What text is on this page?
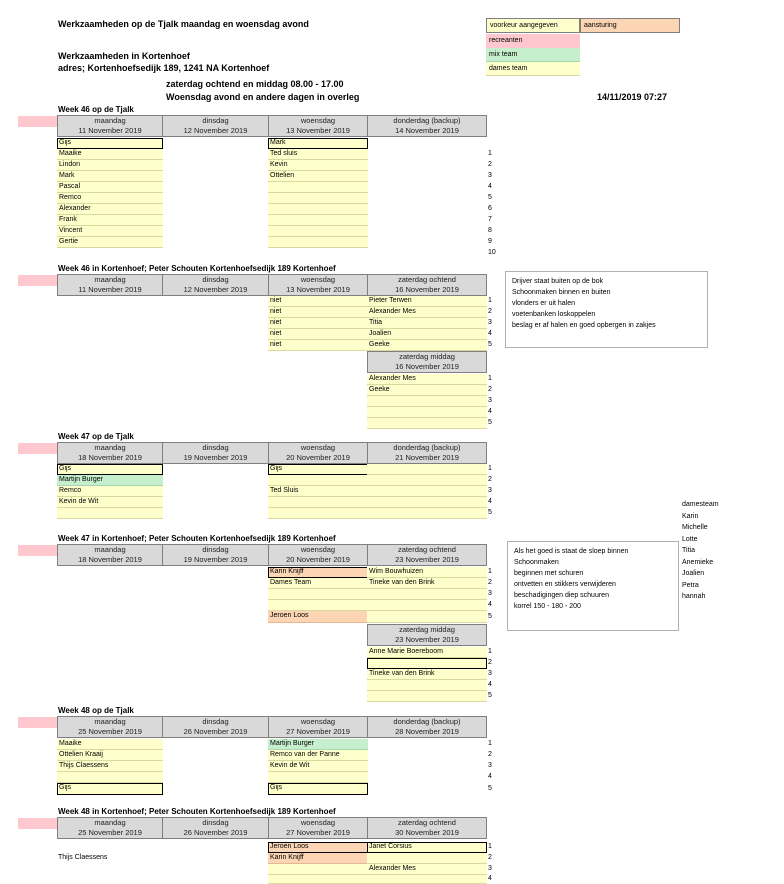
Werkzaamheden op de Tjalk maandag en woensdag avond
Werkzaamheden in Kortenhoef
adres; Kortenhoefsedijk 189, 1241 NA Kortenhoef
zaterdag ochtend en middag 08.00 - 17.00
Woensdag avond en andere dagen in overleg	14/11/2019 07:27
voorkeur aangegeven	aansturing
recreanten
mix team
dames team
Week 46 op de Tjalk
maandag
11 November 2019
dinsdag
12 November 2019
woensdag
13 November 2019
donderdag (backup)
14 November 2019
Gijs
Maaike
Lindon
Mark
Pascal
Remco
Alexander
Frank
Vincent
Gertie
Mark
Ted sluis
Kevin
Ottelien
1
2
3
4
5
6
7
8
9
10
Week 46 in Kortenhoef; Peter Schouten Kortenhoefsedijk 189 Kortenhoef
maandag
11 November 2019
dinsdag
12 November 2019
woensdag
13 November 2019
zaterdag ochtend
16 November 2019
niet
niet
niet
niet
niet
Pieter Terwen
Alexander Mes
Titia
Joalien
Geeke
1
2
3
4
5
zaterdag middag
16 November 2019
Alexander Mes
Geeke
1
2
3
4
5
Drijver staat buiten op de bok
Schoonmaken binnen en buiten
vlonders er uit halen
voetenbanken loskoppelen
beslag er af halen en goed opbergen in zakjes
Week 47 op de Tjalk
maandag
18 November 2019
dinsdag
19 November 2019
woensdag
20 November 2019
donderdag (backup)
21 November 2019
Gijs
Martijn Burger
Remco
Kevin de Wit
Gijs
Ted Sluis
1
2
3
4
5
damesteam
Karin
Michelle
Lotte
Titia
Anemieke
Joalien
Petra
hannah
Week 47 in Kortenhoef; Peter Schouten Kortenhoefsedijk 189 Kortenhoef
maandag
18 November 2019
dinsdag
19 November 2019
woensdag
20 November 2019
zaterdag ochtend
23 November 2019
Karin Knijff
Dames Team
Jeroen Loos
Wim Bouwhuizen
Tineke van den Brink
1
2
3
4
5
zaterdag middag
23 November 2019
Anne Marie Boereboom
Tineke van den Brink
1
2
3
4
5
Als het goed is staat de sloep binnen
Schoonmaken
beginnen met schuren
ontvetten en stikkers verwijderen
beschadigingen diep schuuren
korrel 150 - 180 - 200
Week 48 op de Tjalk
maandag
25 November 2019
dinsdag
26 November 2019
woensdag
27 November 2019
donderdag (backup)
28 November 2019
Maaike
Ottelien Kraaij
Thijs Claessens
Gijs
Martijn Burger
Remco van der Panne
Kevin de Wit
Gijs
1
2
3
4
5
Week 48 in Kortenhoef; Peter Schouten Kortenhoefsedijk 189 Kortenhoef
maandag
25 November 2019
dinsdag
26 November 2019
woensdag
27 November 2019
zaterdag ochtend
30 November 2019
Jeroen Loos
Karin Knijff
Janet Corsius
Alexander Mes
Thijs Claessens
1
2
3
4
